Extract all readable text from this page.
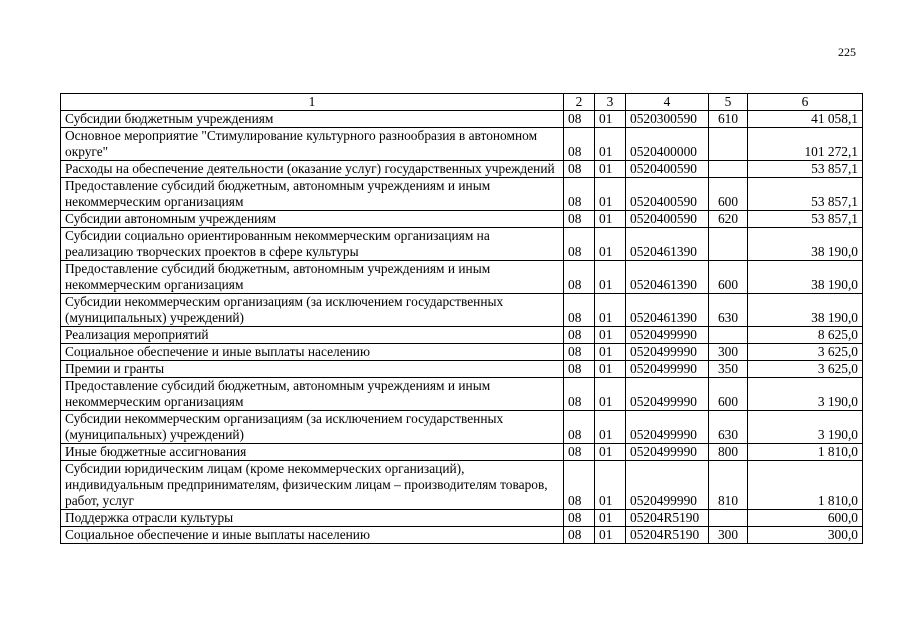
225
1	2	3	4	5	6
Субсидии бюджетным учреждениям	08	01	0520300590	610	41 058,1
Основное мероприятие "Стимулирование культурного разнообразия в автономном округе"	08	01	0520400000		101 272,1
Расходы на обеспечение деятельности (оказание услуг) государственных учреждений	08	01	0520400590		53 857,1
Предоставление субсидий бюджетным, автономным учреждениям и иным некоммерческим организациям	08	01	0520400590	600	53 857,1
Субсидии автономным учреждениям	08	01	0520400590	620	53 857,1
Субсидии социально ориентированным некоммерческим организациям на реализацию творческих проектов в сфере культуры	08	01	0520461390		38 190,0
Предоставление субсидий бюджетным, автономным учреждениям и иным некоммерческим организациям	08	01	0520461390	600	38 190,0
Субсидии некоммерческим организациям (за исключением государственных (муниципальных) учреждений)	08	01	0520461390	630	38 190,0
Реализация мероприятий	08	01	0520499990		8 625,0
Социальное обеспечение и иные выплаты населению	08	01	0520499990	300	3 625,0
Премии и гранты	08	01	0520499990	350	3 625,0
Предоставление субсидий бюджетным, автономным учреждениям и иным некоммерческим организациям	08	01	0520499990	600	3 190,0
Субсидии некоммерческим организациям (за исключением государственных (муниципальных) учреждений)	08	01	0520499990	630	3 190,0
Иные бюджетные ассигнования	08	01	0520499990	800	1 810,0
Субсидии юридическим лицам (кроме некоммерческих организаций), индивидуальным предпринимателям, физическим лицам – производителям товаров, работ, услуг	08	01	0520499990	810	1 810,0
Поддержка отрасли культуры	08	01	05204R5190		600,0
Социальное обеспечение и иные выплаты населению	08	01	05204R5190	300	300,0
